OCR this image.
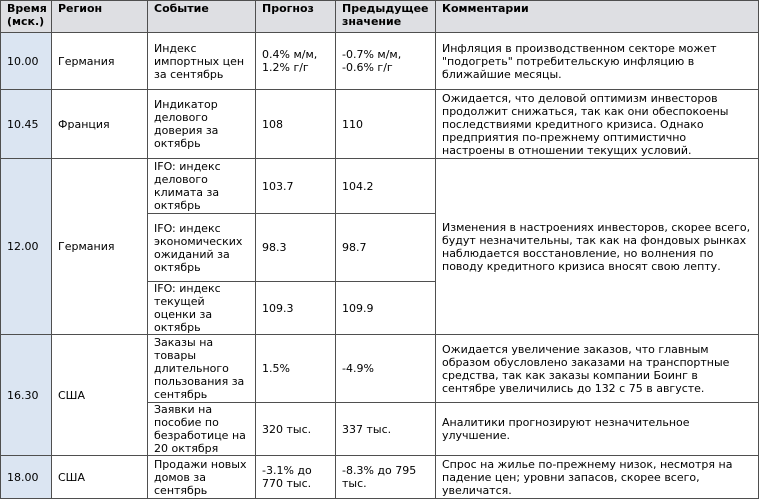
Время (мск.)	Регион	Событие	Прогноз	Предыдущее значение	Комментарии
10.00	Германия	Индекс импортных цен за сентябрь	0.4% м/м, 1.2% г/г	-0.7% м/м, -0.6% г/г	Инфляция в производственном секторе может "подогреть" потребительскую инфляцию в ближайшие месяцы.
10.45	Франция	Индикатор делового доверия за октябрь	108	110	Ожидается, что деловой оптимизм инвесторов продолжит снижаться, так как они обеспокоены последствиями кредитного кризиса. Однако предприятия по-прежнему оптимистично настроены в отношении текущих условий.
12.00	Германия	IFO: индекс делового климата за октябрь	103.7	104.2	Изменения в настроениях инвесторов, скорее всего, будут незначительны, так как на фондовых рынках наблюдается восстановление, но волнения по поводу кредитного кризиса вносят свою лепту.
		IFO: индекс экономических ожиданий за октябрь	98.3	98.7	
		IFO: индекс текущей оценки за октябрь	109.3	109.9	
16.30	США	Заказы на товары длительного пользования за сентябрь	1.5%	-4.9%	Ожидается увеличение заказов, что главным образом обусловлено заказами на транспортные средства, так как заказы компании Боинг в сентябре увеличились до 132 с 75 в августе.
		Заявки на пособие по безработице на 20 октября	320 тыс.	337 тыс.	Аналитики прогнозируют незначительное улучшение.
18.00	США	Продажи новых домов за сентябрь	-3.1% до 770 тыс.	-8.3% до 795 тыс.	Спрос на жилье по-прежнему низок, несмотря на падение цен; уровни запасов, скорее всего, увеличатся.
